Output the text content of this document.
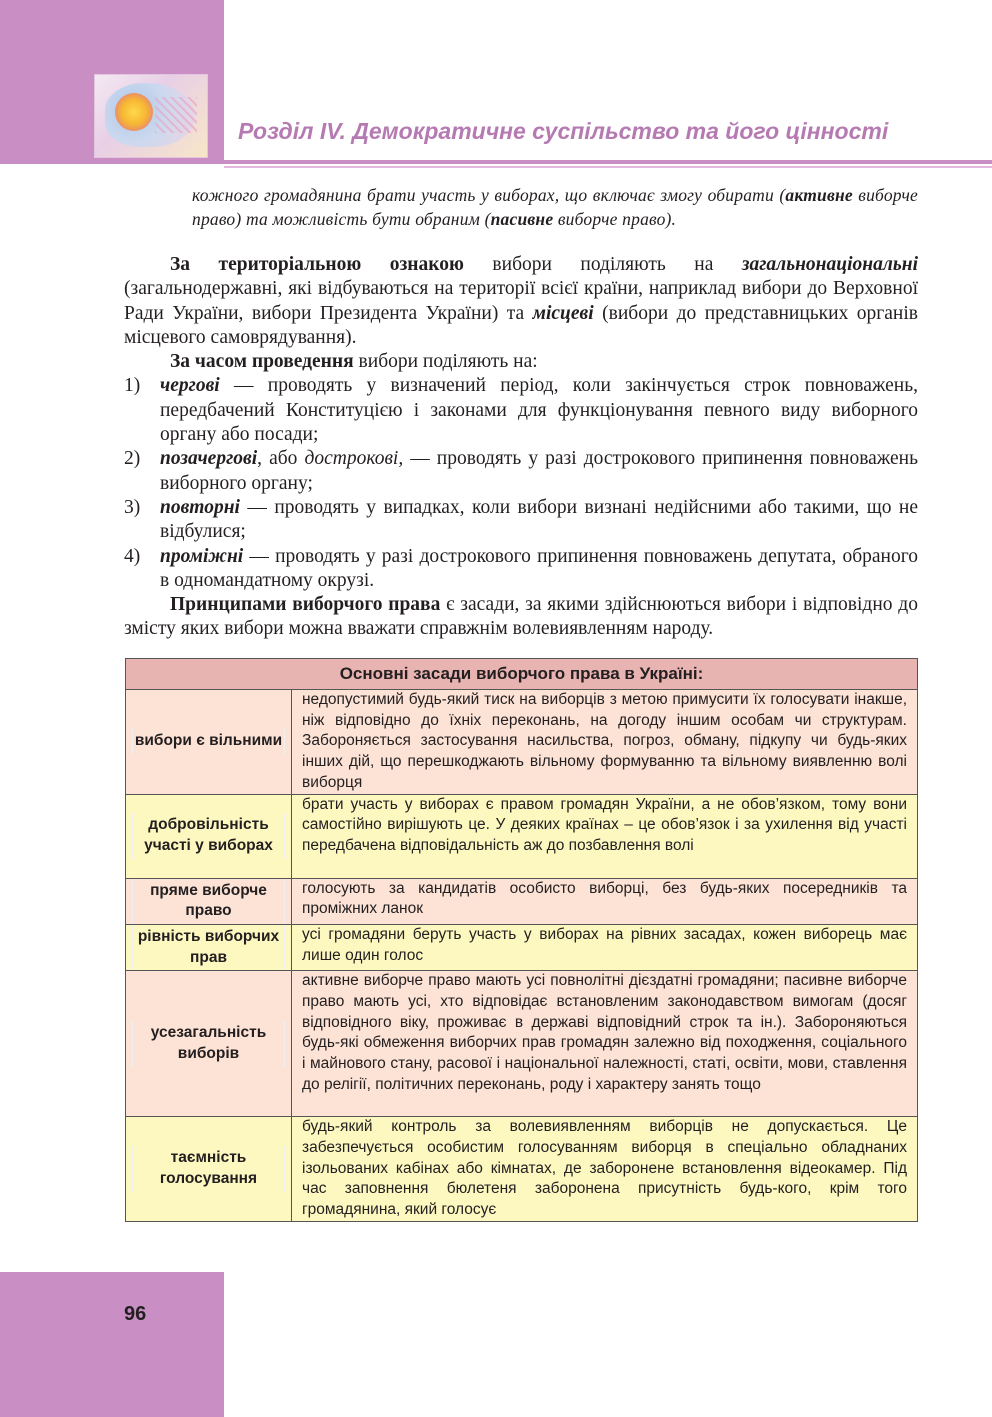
Розділ IV. Демократичне суспільство та його цінності
кожного громадянина брати участь у виборах, що включає змогу обирати (активне виборче право) та можливість бути обраним (пасивне виборче право).

За територіальною ознакою вибори поділяють на загальнонаціональні (загальнодержавні, які відбуваються на території всієї країни, наприклад вибори до Верховної Ради України, вибори Президента України) та місцеві (вибори до представницьких органів місцевого самоврядування).

За часом проведення вибори поділяють на:

1)	чергові — проводять у визначений період, коли закінчується строк повноважень, передбачений Конституцією і законами для функціонування певного виду виборного органу або посади;
2)	позачергові, або дострокові, — проводять у разі дострокового припинення повноважень виборного органу;
3)	повторні — проводять у випадках, коли вибори визнані недійсними або такими, що не відбулися;
4)	проміжні — проводять у разі дострокового припинення повноважень депутата, обраного в одномандатному окрузі.

Принципами виборчого права є засади, за якими здійснюються вибори і відповідно до змісту яких вибори можна вважати справжнім волевиявленням народу.

Основні засади виборчого права в Україні:	

вибори є вільними	недопустимий будь-який тиск на виборців з метою примусити їх голосувати інакше, ніж відповідно до їхніх переконань, на догоду іншим особам чи структурам. Забороняється застосування насильства, погроз, обману, підкупу чи будь-яких інших дій, що перешкоджають вільному формуванню та вільному виявленню волі виборця

добровільність участі у виборах	брати участь у виборах є правом громадян України, а не обов’язком, тому вони самостійно вирішують це. У деяких країнах – це обов’язок і за ухилення від участі передбачена відповідальність аж до позбавлення волі

пряме виборче право	голосують за кандидатів особисто виборці, без будь-яких посередників та проміжних ланок

рівність виборчих прав	усі громадяни беруть участь у виборах на рівних засадах, кожен виборець має лише один голос

усезагальність виборів	активне виборче право мають усі повнолітні дієздатні громадяни; пасивне виборче право мають усі, хто відповідає встановленим законодавством вимогам (досяг відповідного віку, проживає в державі відповідний строк та ін.). Забороняються будь-які обмеження виборчих прав громадян залежно від походження, соціального і майнового стану, расової і національної належності, статі, освіти, мови, ставлення до релігії, політичних переконань, роду і характеру занять тощо

таємність голосування	будь-який контроль за волевиявленням виборців не допускається. Це забезпечується особистим голосуванням виборця в спеціально обладнаних ізольованих кабінах або кімнатах, де заборонене встановлення відеокамер. Під час заповнення бюлетеня заборонена присутність будь-кого, крім того громадянина, який голосує
96
